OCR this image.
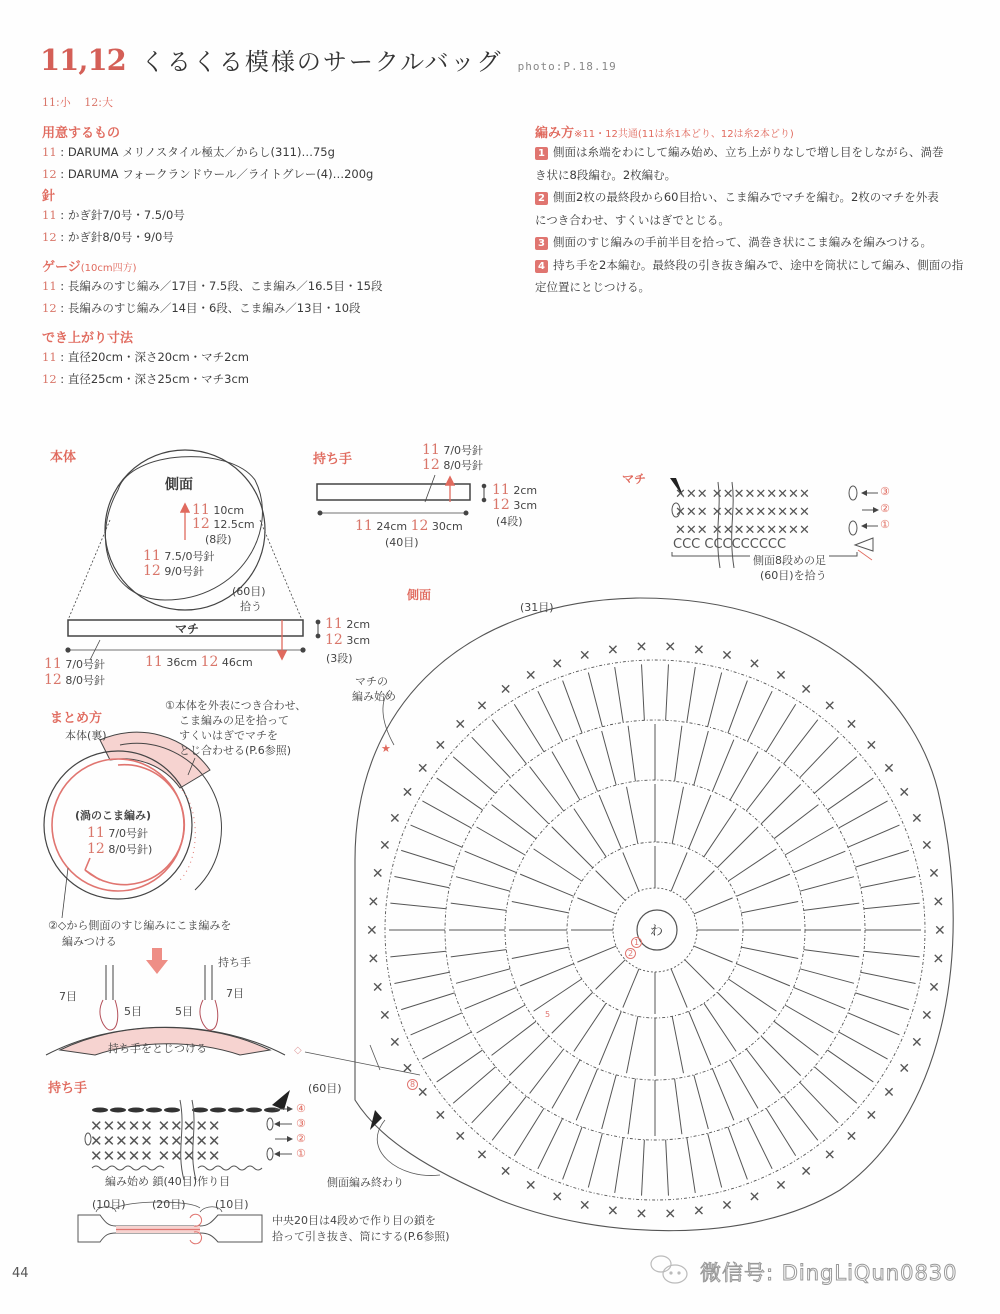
11,12 くるくる模様のサークルバッグ photo:P.18.19
11:小 12:大
用意するもの
11 : DARUMA メリノスタイル極太／からし(311)…75g
12 : DARUMA フォークランドウール／ライトグレー(4)…200g
針
11 : かぎ針7/0号・7.5/0号
12 : かぎ針8/0号・9/0号
ゲージ(10cm四方)
11 : 長編みのすじ編み／17目・7.5段、こま編み／16.5目・15段
12 : 長編みのすじ編み／14目・6段、こま編み／13目・10段
でき上がり寸法
11 : 直径20cm・深さ20cm・マチ2cm
12 : 直径25cm・深さ25cm・マチ3cm
編み方※11・12共通(11は糸1本どり、12は糸2本どり)
1 側面は糸端をわにして編み始め、立ち上がりなしで増し目をしながら、渦巻
き状に8段編む。2枚編む。
2 側面2枚の最終段から60目拾い、こま編みでマチを編む。2枚のマチを外表
につき合わせ、すくいはぎでとじる。
3 側面のすじ編みの手前半目を拾って、渦巻き状にこま編みを編みつける。
4 持ち手を2本編む。最終段の引き抜き編みで、途中を筒状にして編み、側面の指
定位置にとじつける。
✕✕✕ ✕✕✕✕✕✕✕✕✕
✕✕✕ ✕✕✕✕✕✕✕✕✕
✕✕✕ ✕✕✕✕✕✕✕✕✕
CCC CCCCCCCCC
✕
✕
✕
✕
✕
✕
✕
✕
✕
✕
✕
✕
✕
✕
✕
✕
✕
✕
✕
✕
✕
✕
✕
✕
✕
✕
✕
✕
✕
✕
✕
✕
✕
✕
✕
✕
✕
✕
✕
✕
✕
✕
✕
✕
✕ ✕ ✕ ✕ ✕ ✕
✕
✕
✕
✕
✕
✕
✕
✕
✕
✕
✕
✕
★
✕✕✕✕✕ ✕✕✕✕✕
✕✕✕✕✕ ✕✕✕✕✕
✕✕✕✕✕ ✕✕✕✕✕
本体
側面
11 10cm
12 12.5cm
(8段)
11 7.5/0号針
12 9/0号針
(60目)
拾う
マチ	11 2cm
12 3cm
(3段)
11 36cm 12 46cm
11 7/0号針
12 8/0号針
持ち手
11 7/0号針
12 8/0号針
11 2cm
12 3cm
(4段)
11 24cm 12 30cm
(40目)
マチ
③
②
①
側面8段めの足
(60目)を拾う
側面
(31目)
マチの
編み始め
わ
(60目)
側面編み終わり
1
2
5
8
◇
まとめ方
本体(裏)
①本体を外表につき合わせ、
こま編みの足を拾って
すくいはぎでマチを
とじ合わせる(P.6参照)
(渦のこま編み)
11 7/0号針
12 8/0号針)
②◇から側面のすじ編みにこま編みを
編みつける
持ち手
7目	7目
5目	5目
持ち手をとじつける
持ち手
④
③
②
①
編み始め 鎖(40目)作り目
(10目) (20目)	(10目)
中央20目は4段めで作り目の鎖を
拾って引き抜き、筒にする(P.6参照)
44	微信号: DingLiQun0830
